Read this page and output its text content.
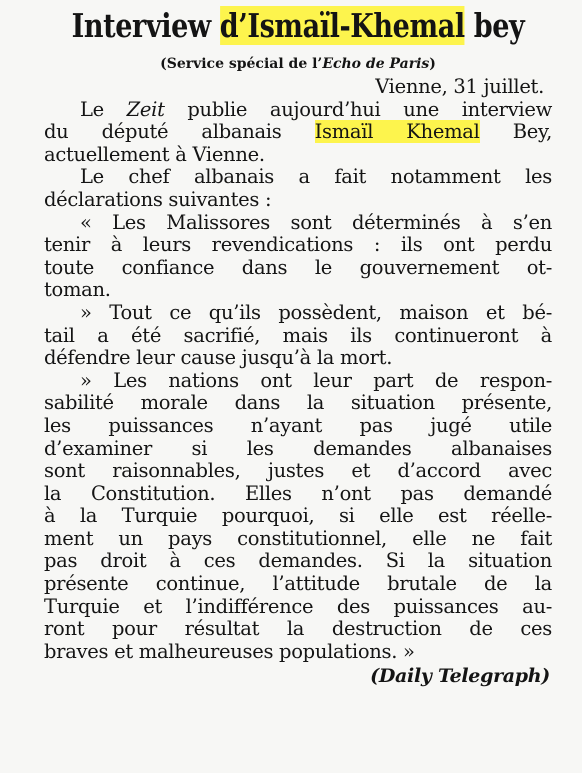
Interview d’Ismaïl-Khemal bey
(Service spécial de l’Echo de Paris)
Vienne, 31 juillet.
Le Zeit publie aujourd’hui une interview
du député albanais Ismaïl Khemal Bey,
actuellement à Vienne.
Le chef albanais a fait notamment les
déclarations suivantes :
« Les Malissores sont déterminés à s’en
tenir à leurs revendications : ils ont perdu
toute confiance dans le gouvernement ot-
toman.
» Tout ce qu’ils possèdent, maison et bé-
tail a été sacrifié, mais ils continueront à
défendre leur cause jusqu’à la mort.
» Les nations ont leur part de respon-
sabilité morale dans la situation présente,
les puissances n’ayant pas jugé utile
d’examiner si les demandes albanaises
sont raisonnables, justes et d’accord avec
la Constitution. Elles n’ont pas demandé
à la Turquie pourquoi, si elle est réelle-
ment un pays constitutionnel, elle ne fait
pas droit à ces demandes. Si la situation
présente continue, l’attitude brutale de la
Turquie et l’indifférence des puissances au-
ront pour résultat la destruction de ces
braves et malheureuses populations. »
(Daily Telegraph)
